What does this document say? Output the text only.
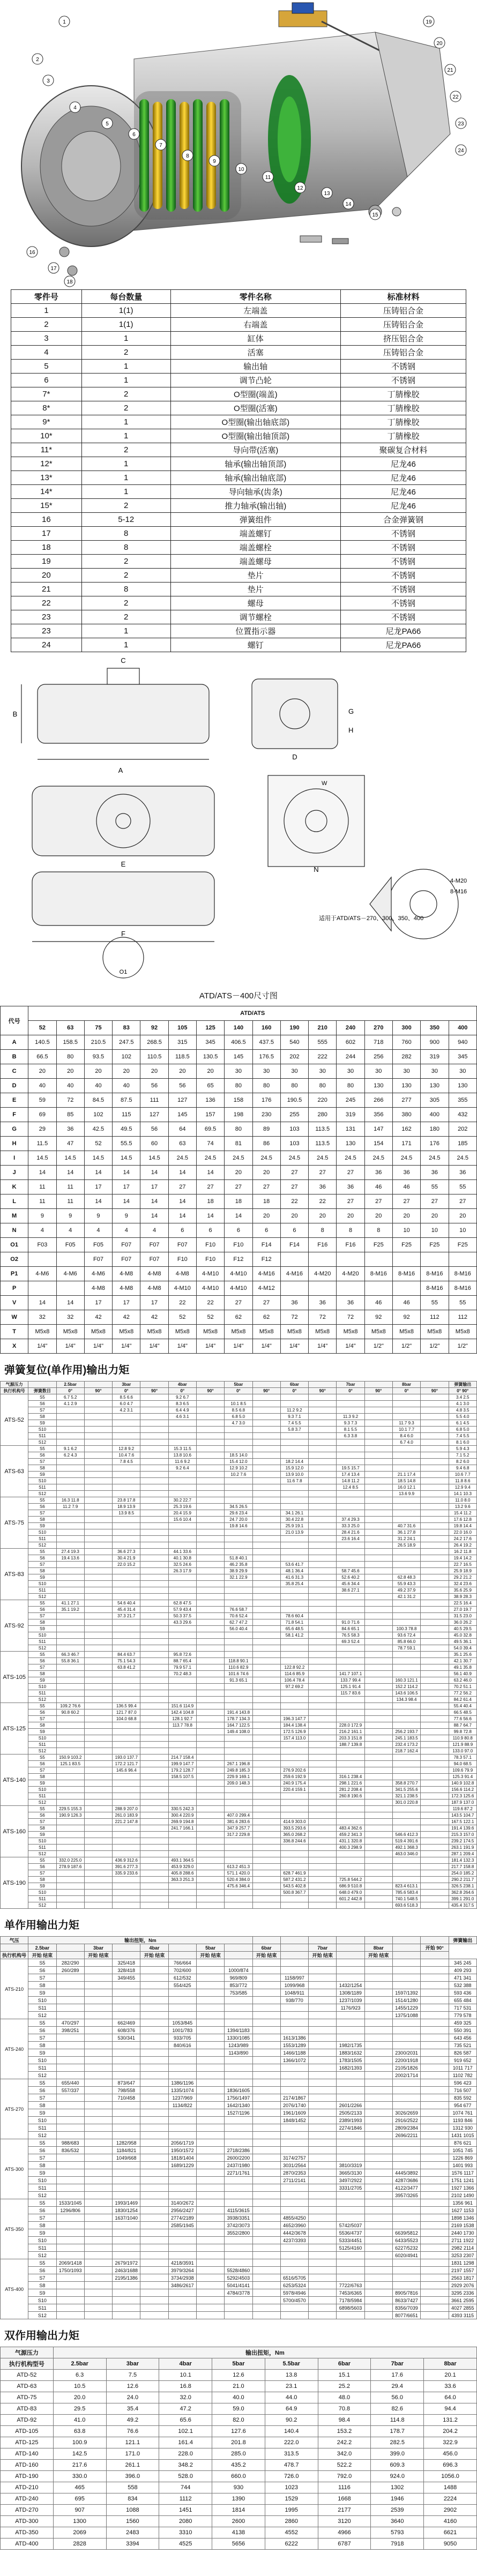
1
2
3
4
5
6
7
8
9
10
11
12
13
14
15
16
17
18
19
20
21
22
23
24
零件号	每台数量	零件名称	标准材料
1	1(1)	左端盖	压铸铝合金
2	1(1)	右端盖	压铸铝合金
3	1	缸体	挤压铝合金
4	2	活塞	压铸铝合金
5	1	输出轴	不锈钢
6	1	调节凸轮	不锈钢
7*	2	O型圈(端盖)	丁腈橡胶
8*	2	O型圈(活塞)	丁腈橡胶
9*	1	O型圈(输出轴底部)	丁腈橡胶
10*	1	O型圈(输出轴顶部)	丁腈橡胶
11*	2	导向带(活塞)	聚碳复合材料
12*	1	轴承(输出轴顶部)	尼龙46
13*	1	轴承(输出轴底部)	尼龙46
14*	1	导向轴承(齿条)	尼龙46
15*	2	推力轴承(输出轴)	尼龙46
16	5-12	弹簧组件	合金弹簧钢
17	8	端盖螺钉	不锈钢
18	8	端盖螺栓	不锈钢
19	2	端盖螺母	不锈钢
20	2	垫片	不锈钢
21	8	垫片	不锈钢
22	2	螺母	不锈钢
23	2	调节螺栓	不锈钢
23	1	位置指示器	尼龙PA66
24	1	螺钉	尼龙PA66
A
B
C
D
E
F
G
H
N
W
O1
适用于ATD/ATS－270、300、350、400
4-M20
8-M16
ATD/ATS－400尺寸图
代号	ATD/ATS															
	52	63	75	83	92	105	125	140	160	190	210	240	270	300	350	400
A	140.5	158.5	210.5	247.5	268.5	315	345	406.5	437.5	540	555	602	718	760	900	940
B	66.5	80	93.5	102	110.5	118.5	130.5	145	176.5	202	222	244	256	282	319	345
C	20	20	20	20	20	20	20	30	30	30	30	30	30	30	30	30
D	40	40	40	40	56	56	65	80	80	80	80	80	130	130	130	130
E	59	72	84.5	87.5	111	127	136	158	176	190.5	220	245	266	277	305	355
F	69	85	102	115	127	145	157	198	230	255	280	319	356	380	400	432
G	29	36	42.5	49.5	56	64	69.5	80	89	103	113.5	131	147	162	180	202
H	11.5	47	52	55.5	60	63	74	81	86	103	113.5	130	154	171	176	185
I	14.5	14.5	14.5	14.5	14.5	24.5	24.5	24.5	24.5	24.5	24.5	24.5	24.5	24.5	24.5	24.5
J	14	14	14	14	14	14	14	20	20	27	27	27	36	36	36	36
K	11	11	17	17	17	27	27	27	27	27	36	36	46	46	55	55
L	11	11	14	14	14	14	18	18	18	22	22	27	27	27	27	27
M	9	9	9	9	14	14	14	14	20	20	20	20	20	20	20	20
N	4	4	4	4	4	6	6	6	6	6	8	8	8	10	10	10
O1	F03	F05	F05	F07	F07	F07	F10	F10	F14	F14	F16	F16	F25	F25	F25	F25
O2			F07	F07	F07	F10	F10	F12	F12							
P1	4-M6	4-M6	4-M6	4-M8	4-M8	4-M8	4-M10	4-M10	4-M16	4-M16	4-M20	4-M20	8-M16	8-M16	8-M16	8-M16
P			4-M8	4-M8	4-M8	4-M10	4-M10	4-M10	4-M12						8-M16	8-M16
V	14	14	17	17	17	22	22	27	27	36	36	36	46	46	55	55
W	32	32	42	42	42	52	52	62	62	72	72	72	92	92	112	112
T	M5x8	M5x8	M5x8	M5x8	M5x8	M5x8	M5x8	M5x8	M5x8	M5x8	M5x8	M5x8	M5x8	M5x8	M5x8	M5x8
X	1/4"	1/4"	1/4"	1/4"	1/4"	1/4"	1/4"	1/4"	1/4"	1/4"	1/4"	1/4"	1/2"	1/2"	1/2"	1/2"
弹簧复位(单作用)输出力矩
气源压力		2.5bar		3bar		4bar		5bar		6bar		7bar		8bar		弹簧输出
执行机构号	弹簧数目	0°	90°	0°	90°	0°	90°	0°	90°	0°	90°	0°	90°	0°	90°	0° 90°
ATS-52	S5	6.7 5.2		8.5 6.6		9.2 6.7										3.4 2.5
	S6	4.1 2.9		6.0 4.7		8.3 6.5		10.1 8.5								4.1 3.0
	S7			4.2 3.1		6.4 4.9		8.5 6.8		11.2 9.2						4.8 3.5
	S8					4.6 3.1		6.8 5.0		9.3 7.1		11.3 9.2				5.5 4.0
	S9							4.7 3.0		7.4 5.5		9.3 7.3		11.7 9.3		6.1 4.5
	S10									5.8 3.7		8.1 5.5		10.1 7.7		6.8 5.0
	S11											6.3 3.8		8.4 6.0		7.4 5.5
	S12													6.7 4.0		8.1 6.0
ATS-63	S5	9.1 6.2		12.8 9.2		15.3 11.5										5.9 4.3
	S6	6.2 4.3		10.4 7.6		13.8 10.6		18.5 14.0								7.1 5.2
	S7			7.8 4.5		11.6 9.2		15.4 12.0		18.2 14.4						8.2 6.0
	S8					9.2 6.4		12.9 10.2		15.9 12.0		19.5 15.7				9.4 6.8
	S9							10.2 7.6		13.9 10.0		17.4 13.4		21.1 17.4		10.6 7.7
	S10									11.6 7.8		14.8 11.2		18.5 14.8		11.8 8.6
	S11											12.4 8.5		16.0 12.1		12.9 9.4
	S12													13.6 9.9		14.1 10.3
ATS-75	S5	16.3 11.8		23.8 17.8		30.2 22.7										11.0 8.0
	S6	11.2 7.9		18.9 13.9		25.3 19.6		34.5 26.5								13.2 9.6
	S7			13.9 8.5		20.4 15.9		29.6 23.4		34.1 26.1						15.4 11.2
	S8					15.6 10.4		24.7 20.0		30.4 22.8		37.4 29.3				17.6 12.8
	S9							19.8 14.6		25.9 19.1		33.3 25.0		40.7 31.6		19.8 14.4
	S10									21.0 13.9		28.4 21.6		36.1 27.8		22.0 16.0
	S11											23.6 16.4		31.2 24.1		24.2 17.6
	S12													26.5 18.9		26.4 19.2
ATS-83	S5	27.4 19.3		36.6 27.3		44.1 33.6										16.2 11.8
	S6	19.4 13.6		30.4 21.9		40.1 30.8		51.8 40.1								19.4 14.2
	S7			22.0 15.2		32.5 24.6		46.2 35.8		53.6 41.7						22.7 16.5
	S8					26.3 17.9		38.9 29.9		48.1 36.4		58.7 45.6				25.9 18.9
	S9							32.1 22.9		41.6 31.3		52.6 40.2		62.8 48.3		29.2 21.2
	S10									35.8 25.4		45.6 34.4		55.9 43.3		32.4 23.6
	S11											38.6 27.1		49.2 37.9		35.6 25.9
	S12													42.1 31.2		38.9 28.3
ATS-92	S5	41.1 27.1		54.6 40.4		62.8 47.5										22.5 16.4
	S6	35.1 19.2		45.4 31.4		57.9 43.4		76.6 58.7								27.0 19.7
	S7			37.3 21.7		50.3 37.5		70.6 52.4		78.6 60.4						31.5 23.0
	S8					43.3 29.6		62.7 47.2		71.8 54.1		91.0 71.6				36.0 26.2
	S9							56.0 40.4		65.6 48.5		84.6 65.1		100.3 78.8		40.5 29.5
	S10									58.1 41.2		76.5 58.3		93.6 72.4		45.0 32.8
	S11											69.3 52.4		85.8 66.0		49.5 36.1
	S12													78.7 59.1		54.0 39.4
ATS-105	S5	66.3 46.7		84.4 63.7		95.8 72.6										35.1 25.6
	S6	55.8 36.1		75.1 54.3		88.7 65.4		118.8 90.1								42.1 30.7
	S7			63.8 41.2		79.9 57.1		110.6 82.9		122.8 92.2						49.1 35.8
	S8					70.2 48.3		101.6 74.6		114.6 85.9		141.7 107.1				56.1 40.9
	S9							91.3 65.1		106.4 78.4		133.7 99.4		160.3 121.1		63.2 46.0
	S10									97.2 69.2		125.1 91.4		152.2 114.2		70.2 51.1
	S11											115.7 83.6		143.6 106.5		77.2 56.2
	S12													134.3 98.4		84.2 61.4
ATS-125	S5	109.2 76.6		136.5 99.4		151.6 114.9										55.4 40.4
	S6	90.8 60.2		121.7 87.0		142.4 104.8		191.4 143.8								66.5 48.5
	S7			104.0 68.8		128.1 92.7		178.7 134.3		196.3 147.7						77.6 56.6
	S8					113.7 78.8		164.7 122.5		184.4 138.4		228.0 172.9				88.7 64.7
	S9							149.4 108.0		172.5 126.9		216.2 161.1		256.2 193.7		99.8 72.8
	S10									157.4 113.0		203.3 151.8		245.1 183.5		110.9 80.8
	S11											188.7 139.8		232.4 173.2		121.9 88.9
	S12													218.7 162.4		133.0 97.0
ATS-140	S5	150.9 103.2		193.0 137.7		214.7 158.4										78.3 57.1
	S6	125.1 83.5		172.2 121.7		199.9 147.7		267.1 196.8								94.0 68.5
	S7			145.6 96.4		179.2 128.7		249.8 185.3		276.9 202.6						109.6 79.9
	S8					158.5 107.5		229.9 169.1		259.6 192.9		316.1 238.4				125.3 91.4
	S9							209.0 148.3		240.9 175.4		298.1 221.6		358.8 270.7		140.9 102.8
	S10									220.4 159.1		281.2 208.4		341.5 255.6		156.6 114.2
	S11											260.8 190.6		321.1 238.5		172.3 125.6
	S12													301.0 220.8		187.9 137.0
ATS-160	S5	229.5 155.3		288.9 207.0		330.5 242.3										119.6 87.2
	S6	190.9 126.3		261.0 183.9		300.4 220.9		407.0 299.4								143.5 104.7
	S7			221.2 147.8		269.9 194.8		381.6 283.6		414.9 303.0						167.5 122.1
	S8					241.7 166.1		347.9 257.7		393.5 293.6		483.4 362.6				191.4 139.6
	S9							317.2 229.8		365.0 268.2		459.2 341.3		546.6 412.3		215.3 157.0
	S10									336.8 244.6		431.1 320.8		519.4 391.6		239.2 174.5
	S11											400.3 298.9		492.1 368.3		263.1 191.9
	S12													463.0 346.0		287.1 209.4
ATS-190	S5	332.0 225.0		436.9 312.6		493.1 364.5										181.4 132.3
	S6	278.9 187.6		391.6 277.3		453.9 329.0		613.2 451.3								217.7 158.8
	S7			335.9 233.6		405.8 288.6		571.1 420.0		628.7 461.9						254.0 185.2
	S8					363.3 251.3		520.4 384.0		587.2 431.2		725.8 544.2				290.2 211.7
	S9							475.6 346.4		543.5 402.8		686.9 510.8		823.4 613.1		326.5 238.1
	S10									500.8 367.7		648.0 479.0		785.6 583.4		362.8 264.6
	S11											601.2 442.8		740.1 548.5		399.1 291.0
	S12													693.6 518.3		435.4 317.5
单作用输出力矩
气压	输出扭矩，Nm															弹簧输出
	2.5bar		3bar		4bar		5bar		6bar		7bar		8bar		开始 90°	
执行机构号	开始 结束		开始 结束		开始 结束		开始 结束		开始 结束		开始 结束		开始 结束			
ATS-210	S5	282/290		325/418		766/664										345 245
	S6	260/289		328/418		702/600		1000/874								409 293
	S7			349/455		612/532		969/809		1158/997						471 341
	S8					554/425		853/772		1099/968		1432/1254				532 388
	S9							753/585		1048/911		1308/1189		1597/1392		593 436
	S10									938/770		1237/1039		1514/1280		655 484
	S11											1176/923		1455/1229		717 531
	S12													1375/1088		779 578
ATS-240	S5	470/297		662/469		1053/845										459 325
	S6	398/251		608/376		1001/783		1394/1183								550 391
	S7			530/341		933/705		1330/1085		1613/1386						643 456
	S8					840/616		1243/989		1553/1289		1982/1735				735 521
	S9							1143/890		1466/1188		1883/1632		2300/2031		826 587
	S10									1366/1072		1783/1505		2200/1918		919 652
	S11											1682/1393		2105/1826		1011 717
	S12													2002/1714		1102 782
ATS-270	S5	655/440		873/647		1386/1196										596 423
	S6	557/337		798/558		1335/1074		1836/1605								716 507
	S7			710/458		1237/969		1756/1497		2174/1867						835 592
	S8					1134/822		1642/1340		2076/1740		2601/2266				954 677
	S9							1527/1196		1961/1609		2505/2133		3026/2659		1074 761
	S10									1848/1452		2389/1993		2916/2522		1193 846
	S11											2274/1846		2809/2384		1312 930
	S12													2696/2211		1431 1015
ATS-300	S5	988/683		1282/958		2056/1719										876 621
	S6	836/532		1184/821		1950/1572		2718/2386								1051 745
	S7			1049/668		1818/1404		2600/2200		3174/2757						1226 869
	S8					1689/1229		2437/1980		3031/2564		3810/3319				1401 993
	S9							2271/1761		2870/2353		3665/3130		4445/3892		1576 1117
	S10									2711/2141		3497/2922		4287/3686		1751 1241
	S11											3331/2705		4122/3477		1927 1366
	S12													3957/3265		2102 1490
ATS-350	S5	1533/1045		1993/1469		3140/2672										1356 961
	S6	1296/806		1830/1254		2956/2427		4115/3615								1627 1153
	S7			1637/1040		2774/2189		3938/3351		4855/4250						1898 1346
	S8					2585/1945		3742/3073		4652/3960		5742/5037				2169 1538
	S9							3552/2800		4442/3678		5536/4737		6639/5812		2440 1730
	S10									4237/3393		5333/4451		6433/5523		2711 1922
	S11											5125/4160		6227/5232		2982 2114
	S12													6020/4941		3253 2307
ATS-400	S5	2069/1418		2679/1972		4218/3591										1831 1298
	S6	1750/1093		2463/1688		3979/3264		5528/4860								2197 1557
	S7			2195/1386		3734/2938		5292/4503		6516/5705						2563 1817
	S8					3486/2617		5041/4141		6253/5324		7722/6763				2929 2076
	S9							4784/3778		5978/4946		7453/6365		8905/7816		3295 2336
	S10									5700/4570		7178/5984		8633/7427		3661 2595
	S11											6898/5603		8356/7039		4027 2855
	S12													8077/6651		4393 3115
双作用输出力矩
气源压力	输出扭矩，Nm							
执行机构型号	2.5bar	3bar	4bar	5bar	5.5bar	6bar	7bar	8bar
ATD-52	6.3	7.5	10.1	12.6	13.8	15.1	17.6	20.1
ATD-63	10.5	12.6	16.8	21.0	23.1	25.2	29.4	33.6
ATD-75	20.0	24.0	32.0	40.0	44.0	48.0	56.0	64.0
ATD-83	29.5	35.4	47.2	59.0	64.9	70.8	82.6	94.4
ATD-92	41.0	49.2	65.6	82.0	90.2	98.4	114.8	131.2
ATD-105	63.8	76.6	102.1	127.6	140.4	153.2	178.7	204.2
ATD-125	100.9	121.1	161.4	201.8	222.0	242.2	282.5	322.9
ATD-140	142.5	171.0	228.0	285.0	313.5	342.0	399.0	456.0
ATD-160	217.6	261.1	348.2	435.2	478.7	522.2	609.3	696.3
ATD-190	330.0	396.0	528.0	660.0	726.0	792.0	924.0	1056.0
ATD-210	465	558	744	930	1023	1116	1302	1488
ATD-240	695	834	1112	1390	1529	1668	1946	2224
ATD-270	907	1088	1451	1814	1995	2177	2539	2902
ATD-300	1300	1560	2080	2600	2860	3120	3640	4160
ATD-350	2069	2483	3310	4138	4552	4966	5793	6621
ATD-400	2828	3394	4525	5656	6222	6787	7918	9050
